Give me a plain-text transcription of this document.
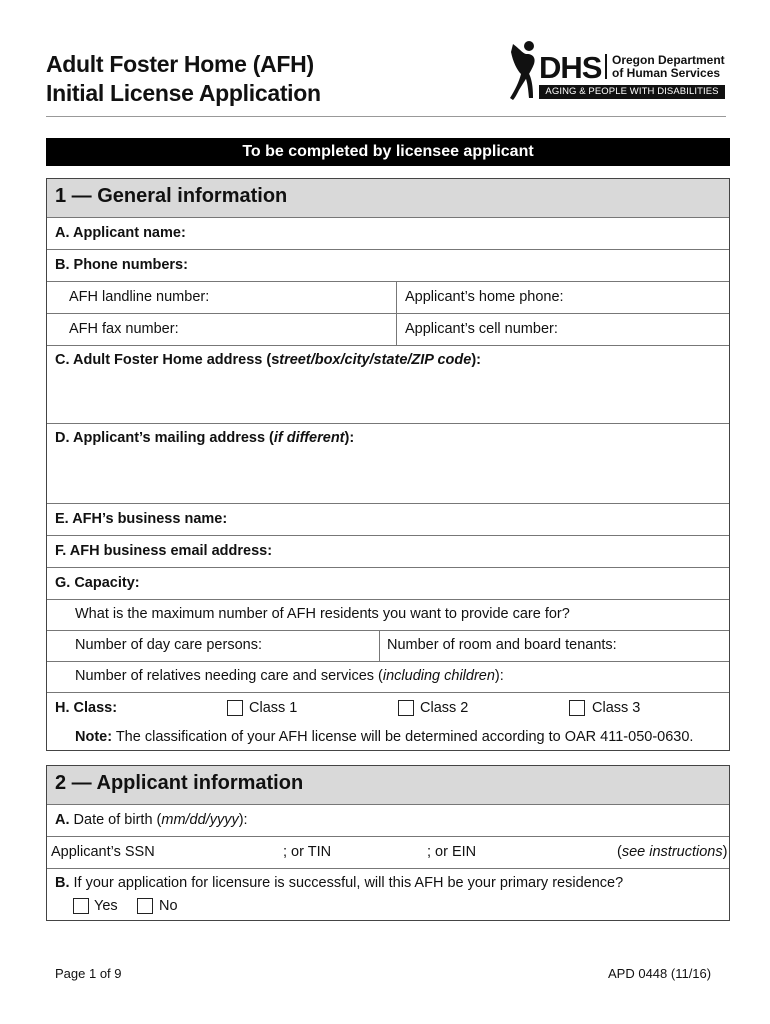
Adult Foster Home (AFH)
Initial License Application
DHS Oregon Department
of Human Services
AGING & PEOPLE WITH DISABILITIES
To be completed by licensee applicant
1 — General information
A. Applicant name:
B. Phone numbers:
AFH landline number:	Applicant’s home phone:
AFH fax number:	Applicant’s cell number:
C. Adult Foster Home address (street/box/city/state/ZIP code):
D. Applicant’s mailing address (if different):
E. AFH’s business name:
F. AFH business email address:
G. Capacity:
What is the maximum number of AFH residents you want to provide care for?
Number of day care persons:	Number of room and board tenants:
Number of relatives needing care and services (including children):
H. Class:	Class 1	Class 2	Class 3
Note: The classification of your AFH license will be determined according to OAR 411-050-0630.
2 — Applicant information
A. Date of birth (mm/dd/yyyy):
Applicant’s SSN	; or TIN	; or EIN	(see instructions)
B. If your application for licensure is successful, will this AFH be your primary residence?
Yes	No
Page 1 of 9	APD 0448 (11/16)
